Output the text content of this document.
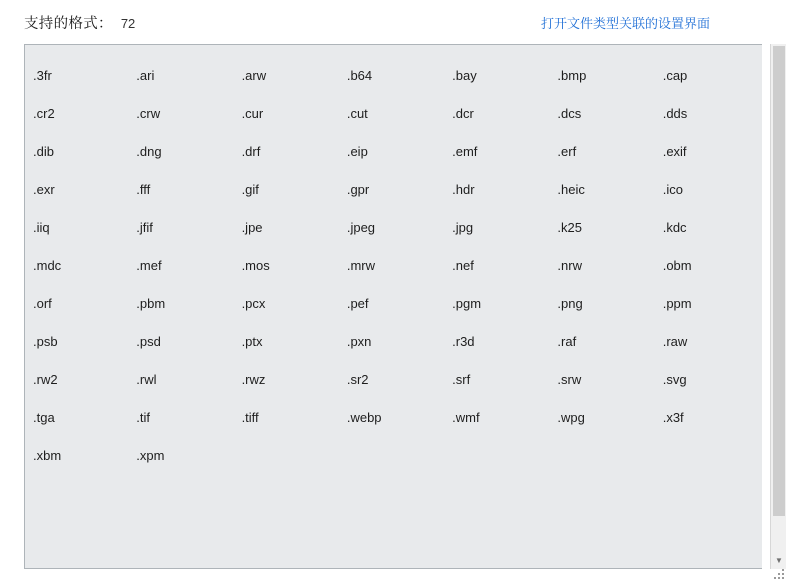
支持的格式： 72	打开文件类型关联的设置界面
.3fr	.ari	.arw	.b64	.bay	.bmp	.cap
.cr2	.crw	.cur	.cut	.dcr	.dcs	.dds
.dib	.dng	.drf	.eip	.emf	.erf	.exif
.exr	.fff	.gif	.gpr	.hdr	.heic	.ico
.iiq	.jfif	.jpe	.jpeg	.jpg	.k25	.kdc
.mdc	.mef	.mos	.mrw	.nef	.nrw	.obm
.orf	.pbm	.pcx	.pef	.pgm	.png	.ppm
.psb	.psd	.ptx	.pxn	.r3d	.raf	.raw
.rw2	.rwl	.rwz	.sr2	.srf	.srw	.svg
.tga	.tif	.tiff	.webp	.wmf	.wpg	.x3f
.xbm	.xpm
▼
